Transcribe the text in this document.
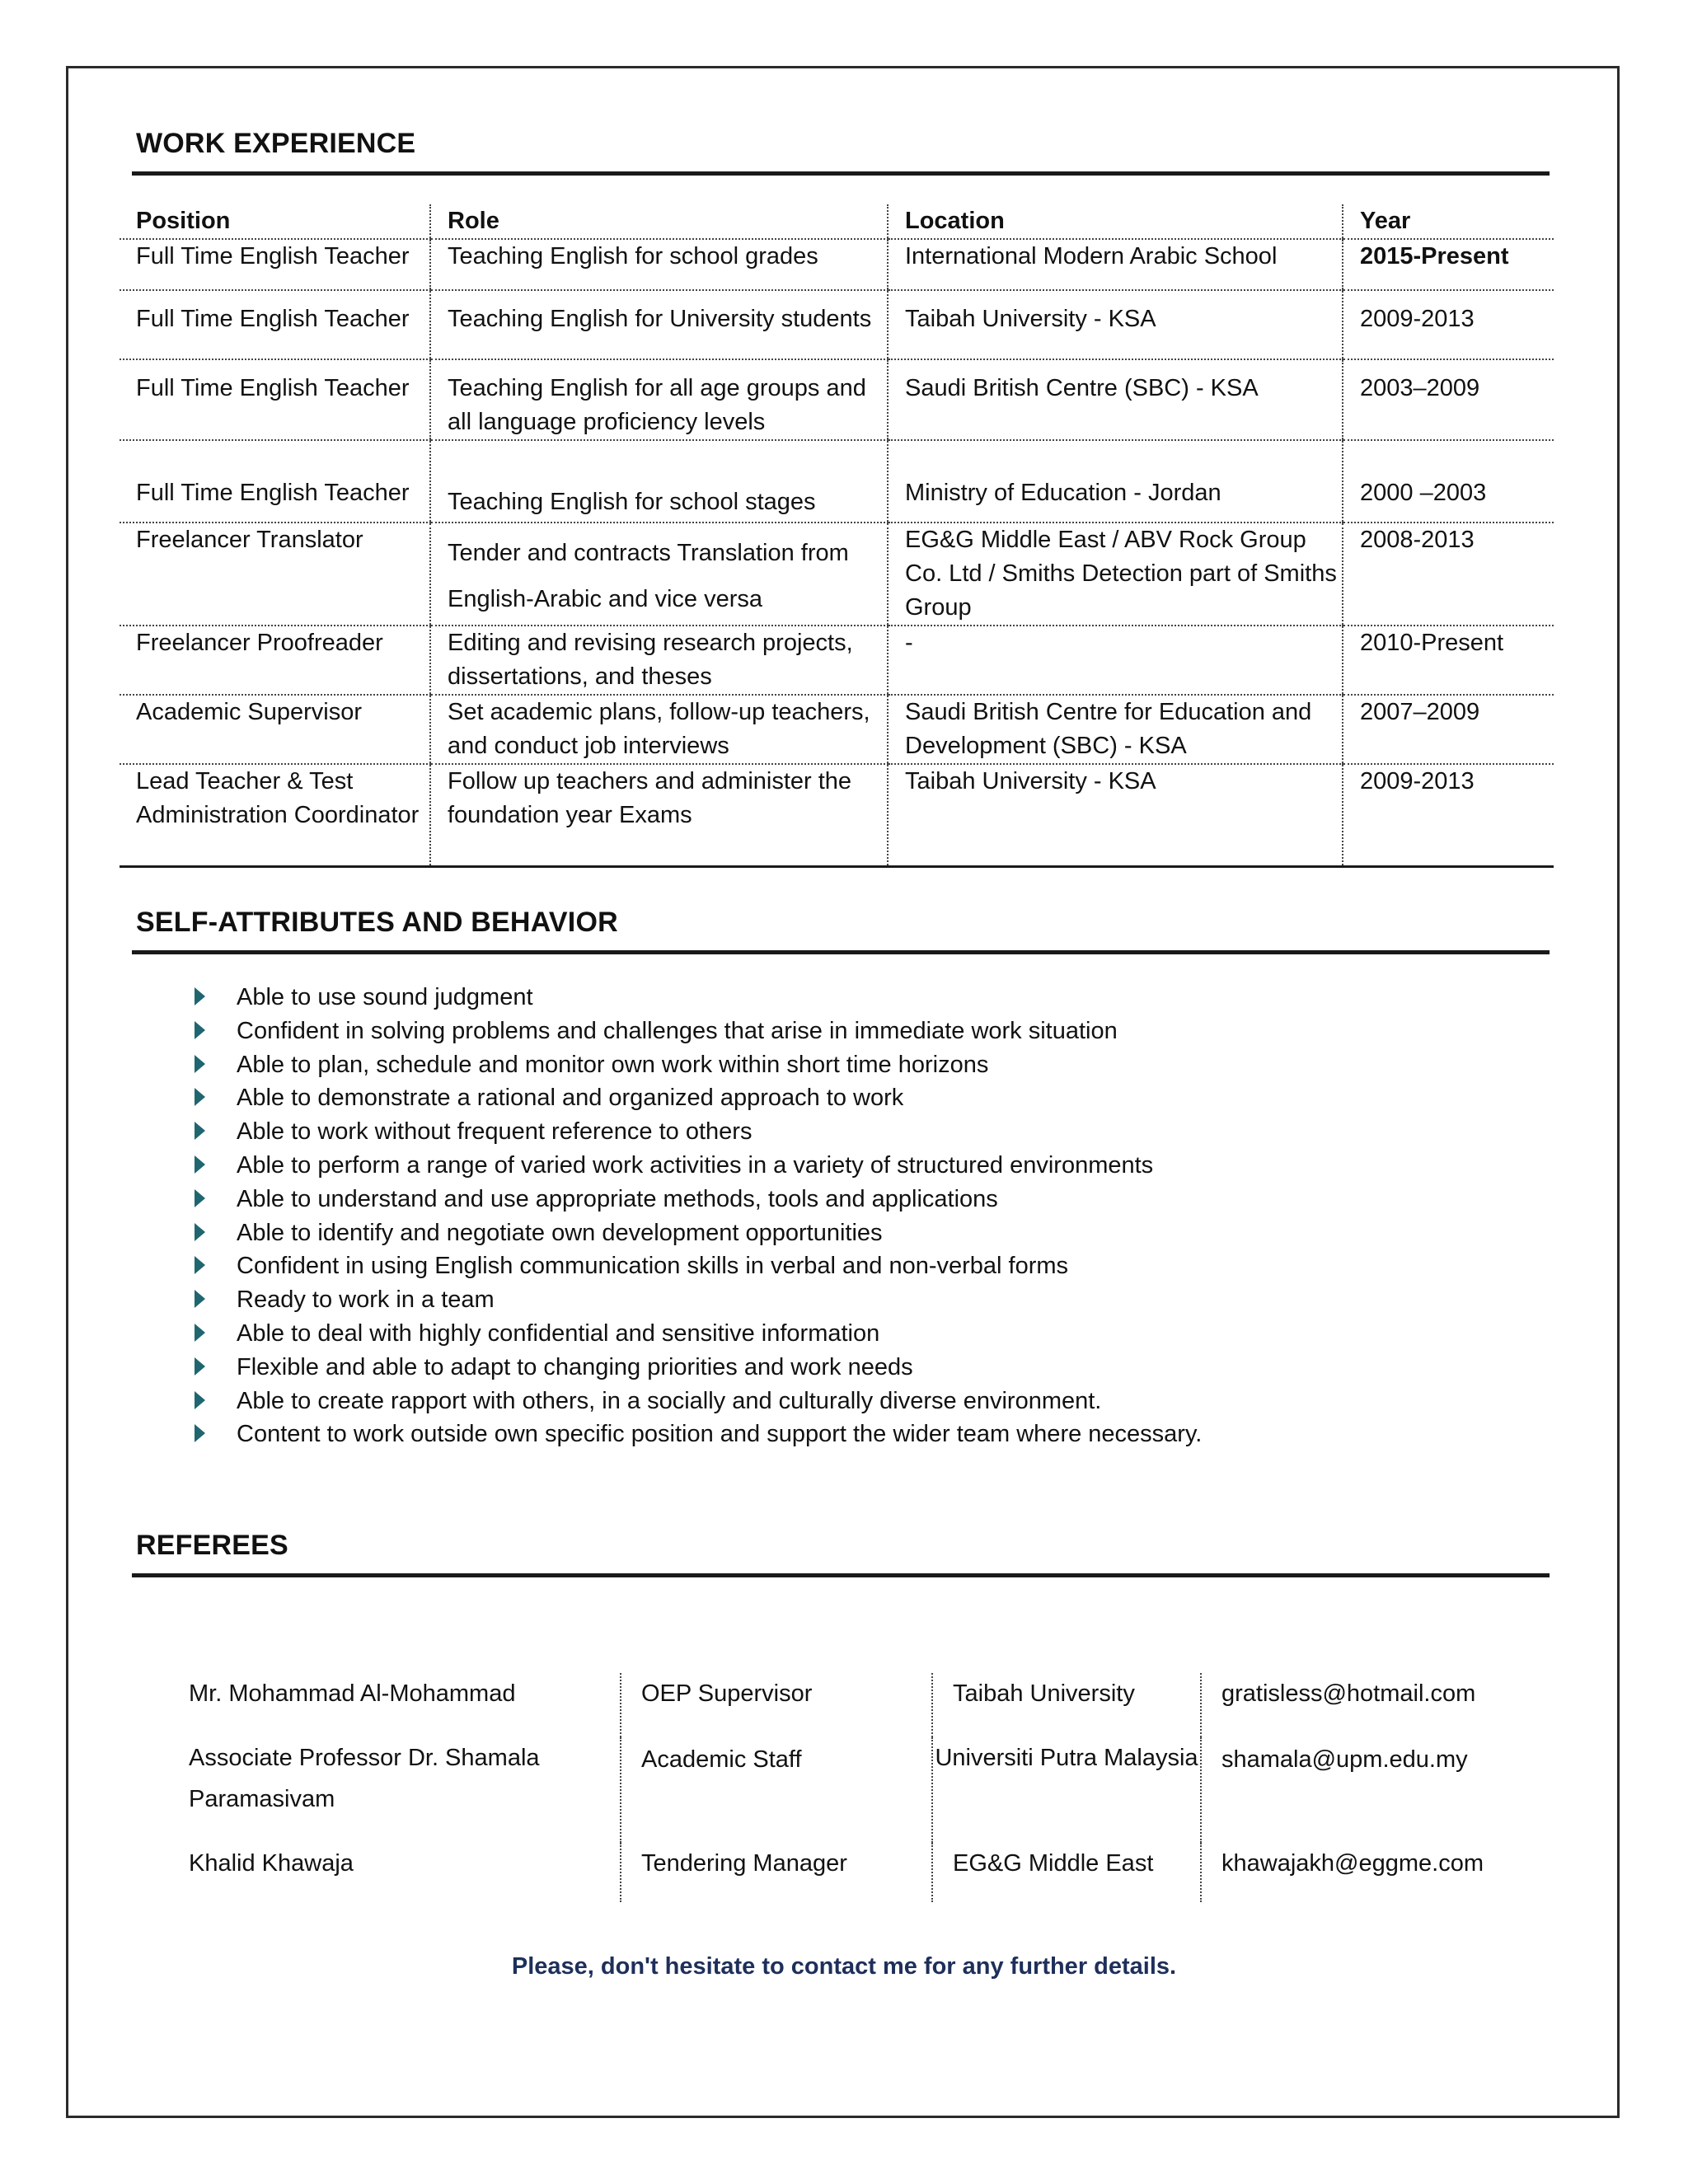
WORK EXPERIENCE
Position	Role	Location	Year
Full Time English Teacher	Teaching English for school grades	International Modern Arabic School	2015-Present
Full Time English Teacher	Teaching English for University students	Taibah University - KSA	2009-2013
Full Time English Teacher	Teaching English for all age groups and all language proficiency levels	Saudi British Centre (SBC) - KSA	2003–2009
Full Time English Teacher	Teaching English for school stages	Ministry of Education - Jordan	2000 –2003
Freelancer Translator	Tender and contracts Translation from English-Arabic and vice versa	EG&G Middle East / ABV Rock Group Co. Ltd / Smiths Detection part of Smiths Group	2008-2013
Freelancer Proofreader	Editing and revising research projects, dissertations, and theses	-	2010-Present
Academic Supervisor	Set academic plans, follow-up teachers, and conduct job interviews	Saudi British Centre for Education and Development (SBC) - KSA	2007–2009
Lead Teacher & Test Administration Coordinator	Follow up teachers and administer the foundation year Exams	Taibah University - KSA	2009-2013
SELF-ATTRIBUTES AND BEHAVIOR
Able to use sound judgment
Confident in solving problems and challenges that arise in immediate work situation
Able to plan, schedule and monitor own work within short time horizons
Able to demonstrate a rational and organized approach to work
Able to work without frequent reference to others
Able to perform a range of varied work activities in a variety of structured environments
Able to understand and use appropriate methods, tools and applications
Able to identify and negotiate own development opportunities
Confident in using English communication skills in verbal and non-verbal forms
Ready to work in a team
Able to deal with highly confidential and sensitive information
Flexible and able to adapt to changing priorities and work needs
Able to create rapport with others, in a socially and culturally diverse environment.
Content to work outside own specific position and support the wider team where necessary.
REFEREES
Mr. Mohammad Al-Mohammad	OEP Supervisor	Taibah University	gratisless@hotmail.com
Associate Professor Dr. Shamala Paramasivam	Academic Staff	Universiti Putra Malaysia	shamala@upm.edu.my
Khalid Khawaja	Tendering Manager	EG&G Middle East	khawajakh@eggme.com
Please, don't hesitate to contact me for any further details.
